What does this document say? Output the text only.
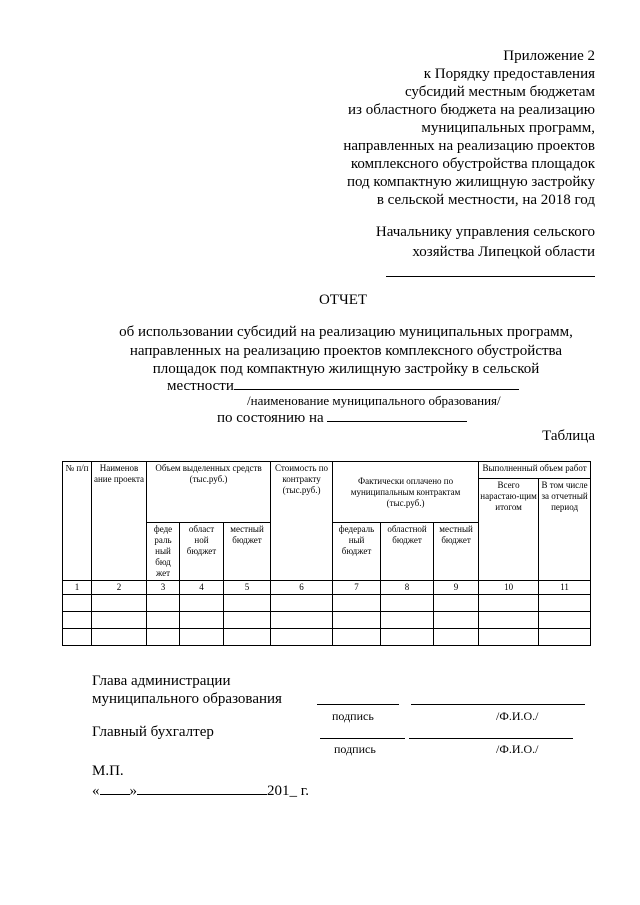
Приложение 2
к Порядку предоставления
субсидий местным бюджетам
из областного бюджета на реализацию
муниципальных программ,
направленных на реализацию проектов
комплексного обустройства площадок
под компактную жилищную застройку
в сельской местности, на 2018 год
Начальнику управления сельского
хозяйства Липецкой области
ОТЧЕТ
об использовании субсидий на реализацию муниципальных программ,
направленных на реализацию проектов комплексного обустройства
площадок под компактную жилищную застройку в сельской
местности
/наименование муниципального образования/
по состоянию на
Таблица
№ п/п	Наименов ание проекта	Объем выделенных средств (тыс.руб.)			Стоимость по контракту (тыс.руб.)	Фактически оплачено по муниципальным контрактам (тыс.руб.)			Выполненный объем работ	
									Всего нарастаю-щим итогом	В том числе за отчетный период
		феде раль ный бюд жет	област ной бюджет	местный бюджет		федераль ный бюджет	областной бюджет	местный бюджет		
1	2	3	4	5	6	7	8	9	10	11

Глава администрации
муниципального образования
подпись	/Ф.И.О./
Главный бухгалтер
подпись	/Ф.И.О./
М.П.
« »	201_ г.
